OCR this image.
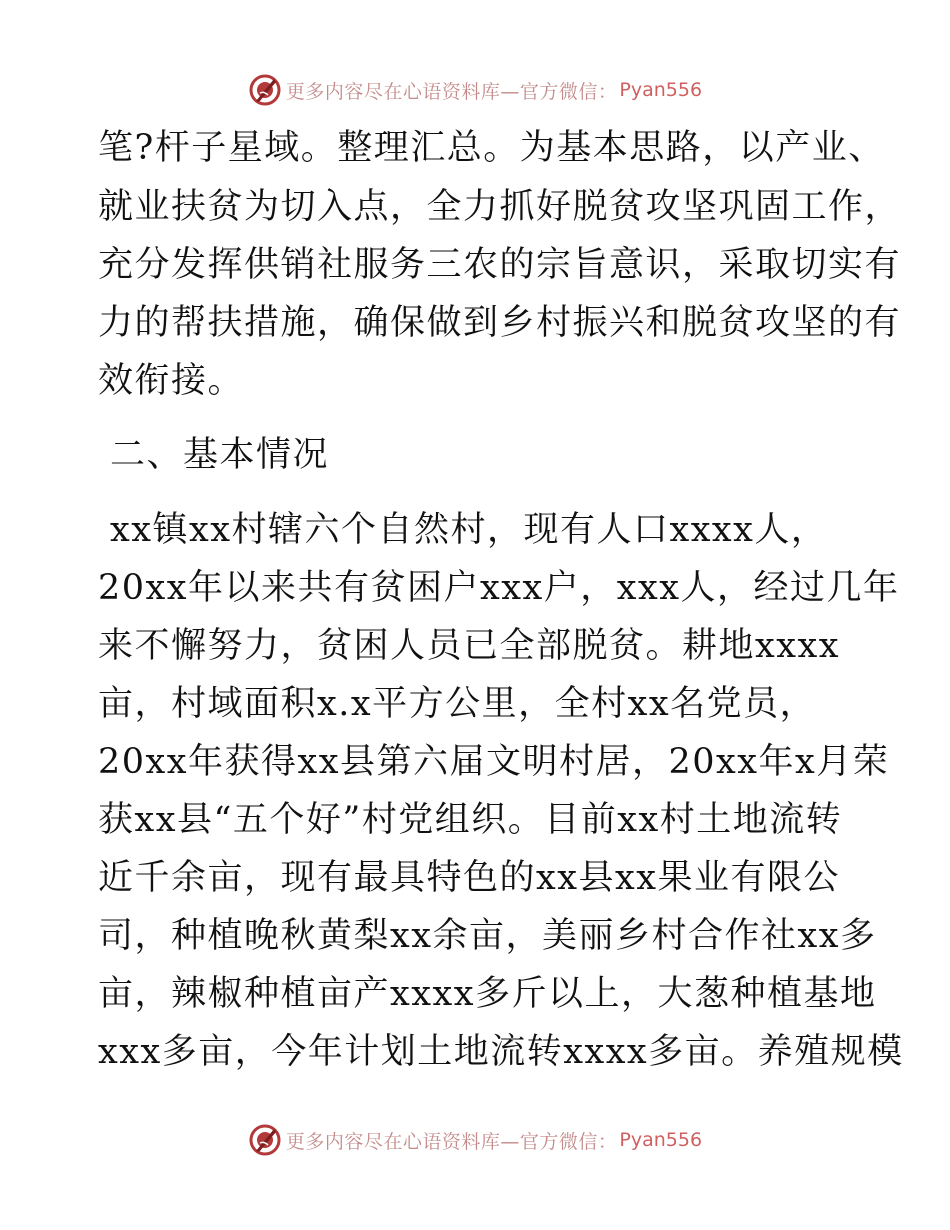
更多内容尽在心语资料库—官方微信： Pyan556
笔?杆子星域。整理汇总。为基本思路，以产业、
就业扶贫为切入点，全力抓好脱贫攻坚巩固工作，
充分发挥供销社服务三农的宗旨意识，采取切实有
力的帮扶措施，确保做到乡村振兴和脱贫攻坚的有
效衔接。
二、基本情况
xx镇xx村辖六个自然村，现有人口xxxx人，
20xx年以来共有贫困户xxx户，xxx人，经过几年
来不懈努力，贫困人员已全部脱贫。耕地xxxx
亩，村域面积x.x平方公里，全村xx名党员，
20xx年获得xx县第六届文明村居，20xx年x月荣
获xx县“五个好”村党组织。目前xx村土地流转
近千余亩，现有最具特色的xx县xx果业有限公
司，种植晚秋黄梨xx余亩，美丽乡村合作社xx多
亩，辣椒种植亩产xxxx多斤以上，大葱种植基地
xxx多亩，今年计划土地流转xxxx多亩。养殖规模
更多内容尽在心语资料库—官方微信： Pyan556
